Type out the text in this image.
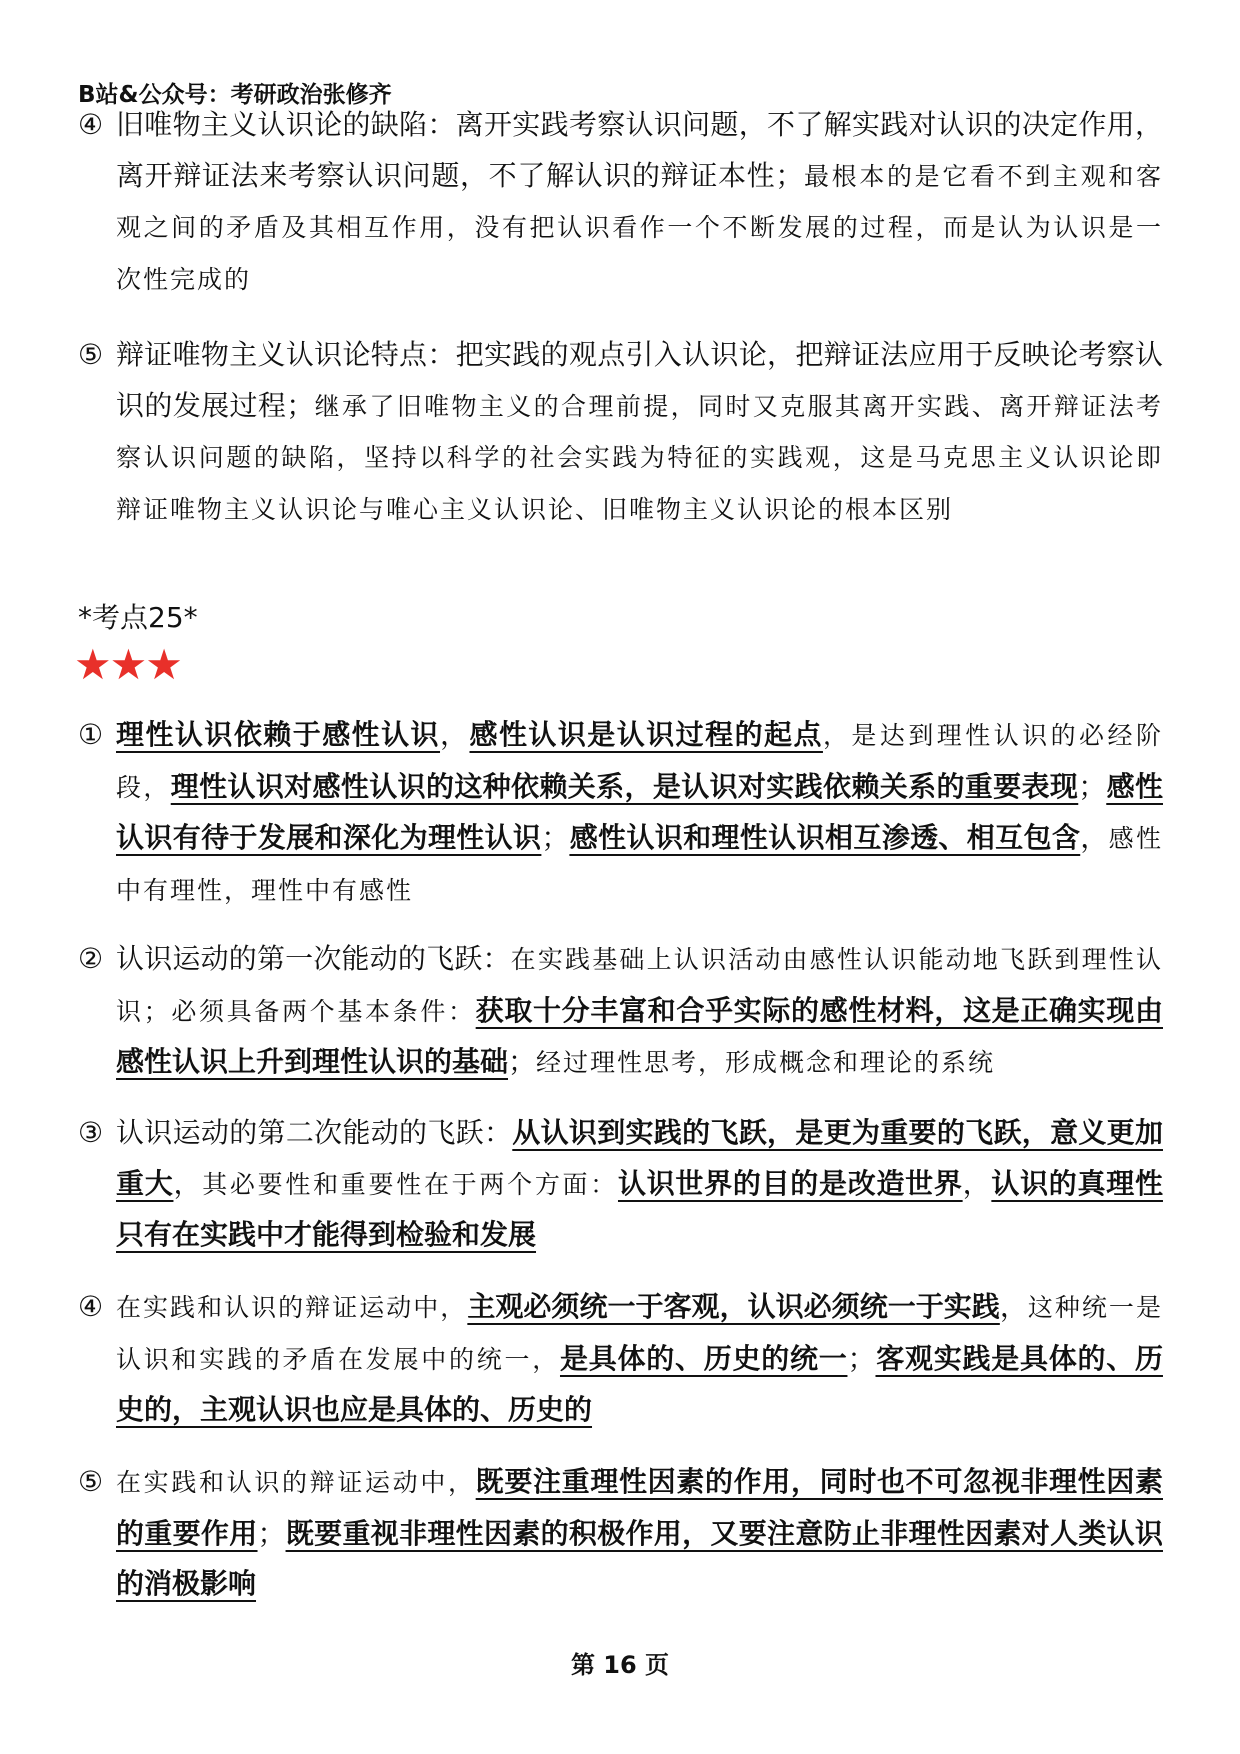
B站&公众号：考研政治张修齐
④ 旧唯物主义认识论的缺陷：离开实践考察认识问题，不了解实践对认识的决定作用，离开辩证法来考察认识问题，不了解认识的辩证本性；最根本的是它看不到主观和客观之间的矛盾及其相互作用，没有把认识看作一个不断发展的过程，而是认为认识是一次性完成的
⑤ 辩证唯物主义认识论特点：把实践的观点引入认识论，把辩证法应用于反映论考察认识的发展过程；继承了旧唯物主义的合理前提，同时又克服其离开实践、离开辩证法考察认识问题的缺陷，坚持以科学的社会实践为特征的实践观，这是马克思主义认识论即辩证唯物主义认识论与唯心主义认识论、旧唯物主义认识论的根本区别
*考点25*
★★★
① 理性认识依赖于感性认识，感性认识是认识过程的起点，是达到理性认识的必经阶段，理性认识对感性认识的这种依赖关系，是认识对实践依赖关系的重要表现；感性认识有待于发展和深化为理性认识；感性认识和理性认识相互渗透、相互包含，感性中有理性，理性中有感性
② 认识运动的第一次能动的飞跃：在实践基础上认识活动由感性认识能动地飞跃到理性认识；必须具备两个基本条件：获取十分丰富和合乎实际的感性材料，这是正确实现由感性认识上升到理性认识的基础；经过理性思考，形成概念和理论的系统
③ 认识运动的第二次能动的飞跃：从认识到实践的飞跃，是更为重要的飞跃，意义更加重大，其必要性和重要性在于两个方面：认识世界的目的是改造世界，认识的真理性只有在实践中才能得到检验和发展
④ 在实践和认识的辩证运动中，主观必须统一于客观，认识必须统一于实践，这种统一是认识和实践的矛盾在发展中的统一，是具体的、历史的统一；客观实践是具体的、历史的，主观认识也应是具体的、历史的
⑤ 在实践和认识的辩证运动中，既要注重理性因素的作用，同时也不可忽视非理性因素的重要作用；既要重视非理性因素的积极作用，又要注意防止非理性因素对人类认识的消极影响
第 16 页
